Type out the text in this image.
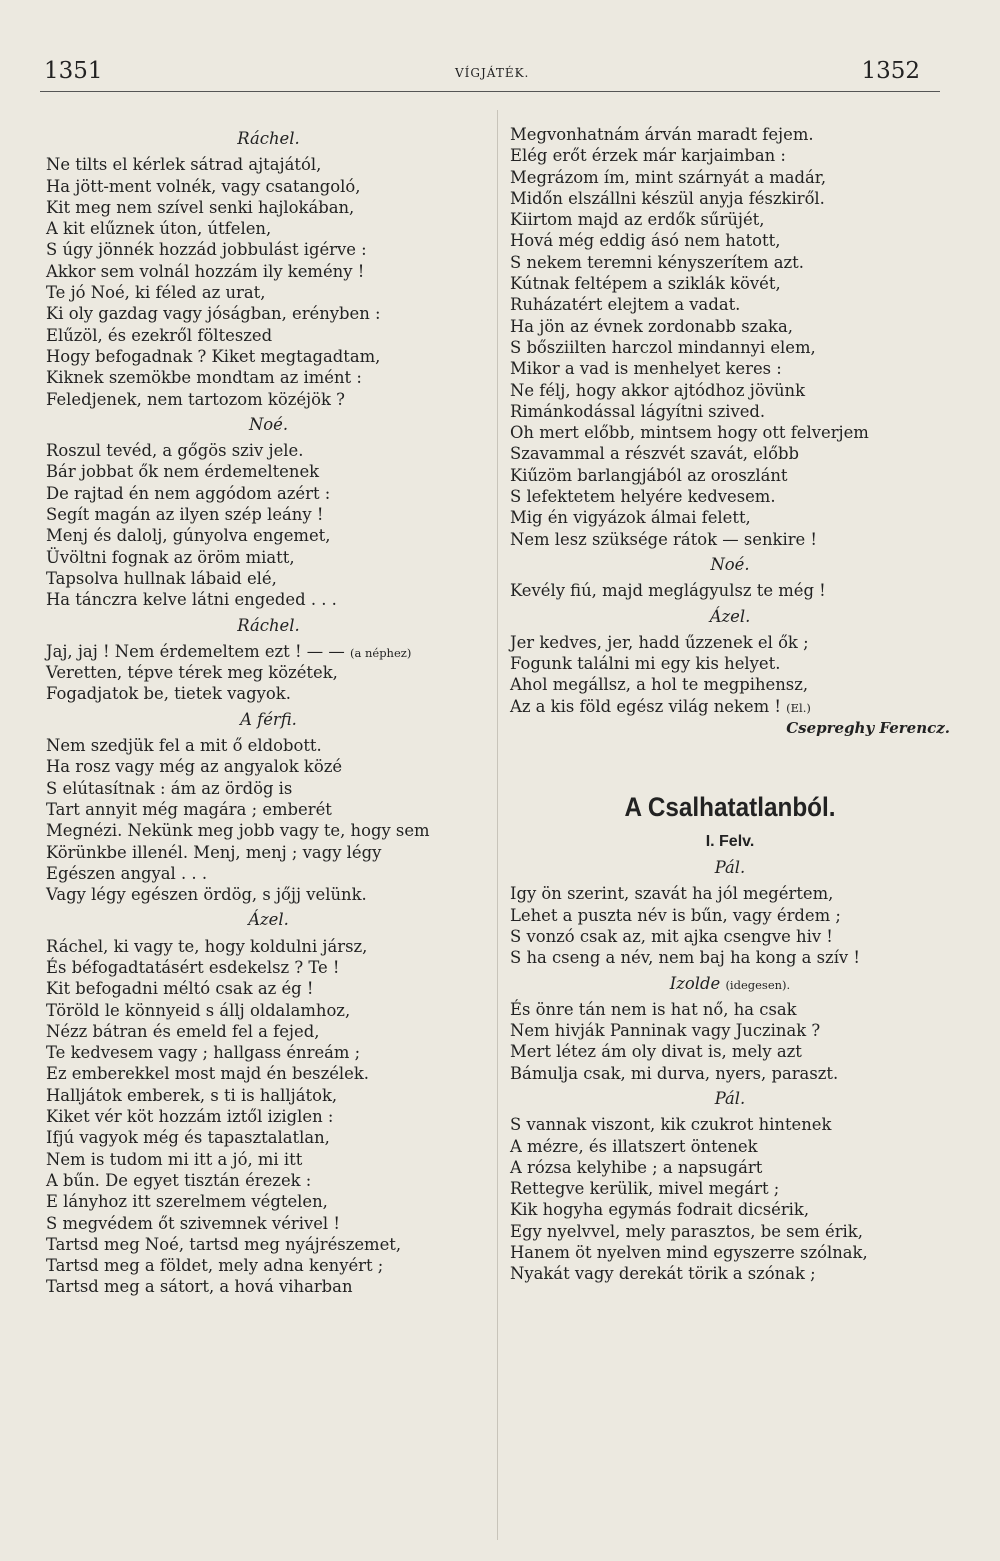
1351	VÍGJÁTÉK.	1352
Ráchel.
Ne tilts el kérlek sátrad ajtajától,
Ha jött-ment volnék, vagy csatangoló,
Kit meg nem szível senki hajlokában,
A kit elűznek úton, útfelen,
S úgy jönnék hozzád jobbulást igérve :
Akkor sem volnál hozzám ily kemény !
Te jó Noé, ki féled az urat,
Ki oly gazdag vagy jóságban, erényben :
Elűzöl, és ezekről fölteszed
Hogy befogadnak ? Kiket megtagadtam,
Kiknek szemökbe mondtam az imént :
Feledjenek, nem tartozom közéjök ?
Noé.
Roszul tevéd, a gőgös sziv jele.
Bár jobbat ők nem érdemeltenek
De rajtad én nem aggódom azért :
Segít magán az ilyen szép leány !
Menj és dalolj, gúnyolva engemet,
Üvöltni fognak az öröm miatt,
Tapsolva hullnak lábaid elé,
Ha tánczra kelve látni engeded . . .
Ráchel.
Jaj, jaj ! Nem érdemeltem ezt ! — — (a néphez)
Veretten, tépve térek meg közétek,
Fogadjatok be, tietek vagyok.
A férfi.
Nem szedjük fel a mit ő eldobott.
Ha rosz vagy még az angyalok közé
S elútasítnak : ám az ördög is
Tart annyit még magára ; emberét
Megnézi. Nekünk meg jobb vagy te, hogy sem
Körünkbe illenél. Menj, menj ; vagy légy
Egészen angyal . . .
Vagy légy egészen ördög, s jőjj velünk.
Ázel.
Ráchel, ki vagy te, hogy koldulni jársz,
És béfogadtatásért esdekelsz ? Te !
Kit befogadni méltó csak az ég !
Töröld le könnyeid s állj oldalamhoz,
Nézz bátran és emeld fel a fejed,
Te kedvesem vagy ; hallgass énreám ;
Ez emberekkel most majd én beszélek.
Halljátok emberek, s ti is halljátok,
Kiket vér köt hozzám iztől iziglen :
Ifjú vagyok még és tapasztalatlan,
Nem is tudom mi itt a jó, mi itt
A bűn. De egyet tisztán érezek :
E lányhoz itt szerelmem végtelen,
S megvédem őt szivemnek vérivel !
Tartsd meg Noé, tartsd meg nyájrészemet,
Tartsd meg a földet, mely adna kenyért ;
Tartsd meg a sátort, a hová viharban
Megvonhatnám árván maradt fejem.
Elég erőt érzek már karjaimban :
Megrázom ím, mint szárnyát a madár,
Midőn elszállni készül anyja fészkiről.
Kiirtom majd az erdők sűrüjét,
Hová még eddig ásó nem hatott,
S nekem teremni kényszerítem azt.
Kútnak feltépem a sziklák kövét,
Ruházatért elejtem a vadat.
Ha jön az évnek zordonabb szaka,
S bősziilten harczol mindannyi elem,
Mikor a vad is menhelyet keres :
Ne félj, hogy akkor ajtódhoz jövünk
Rimánkodással lágyítni szived.
Oh mert előbb, mintsem hogy ott felverjem
Szavammal a részvét szavát, előbb
Kiűzöm barlangjából az oroszlánt
S lefektetem helyére kedvesem.
Mig én vigyázok álmai felett,
Nem lesz szüksége rátok — senkire !
Noé.
Kevély fiú, majd meglágyulsz te még !
Ázel.
Jer kedves, jer, hadd űzzenek el ők ;
Fogunk találni mi egy kis helyet.
Ahol megállsz, a hol te megpihensz,
Az a kis föld egész világ nekem ! (El.)
Csepreghy Ferencz.
A Csalhatatlanból.
I. Felv.
Pál.
Igy ön szerint, szavát ha jól megértem,
Lehet a puszta név is bűn, vagy érdem ;
S vonzó csak az, mit ajka csengve hiv !
S ha cseng a név, nem baj ha kong a szív !
Izolde (idegesen).
És önre tán nem is hat nő, ha csak
Nem hivják Panninak vagy Juczinak ?
Mert létez ám oly divat is, mely azt
Bámulja csak, mi durva, nyers, paraszt.
Pál.
S vannak viszont, kik czukrot hintenek
A mézre, és illatszert öntenek
A rózsa kelyhibe ; a napsugárt
Rettegve kerülik, mivel megárt ;
Kik hogyha egymás fodrait dicsérik,
Egy nyelvvel, mely parasztos, be sem érik,
Hanem öt nyelven mind egyszerre szólnak,
Nyakát vagy derekát törik a szónak ;
